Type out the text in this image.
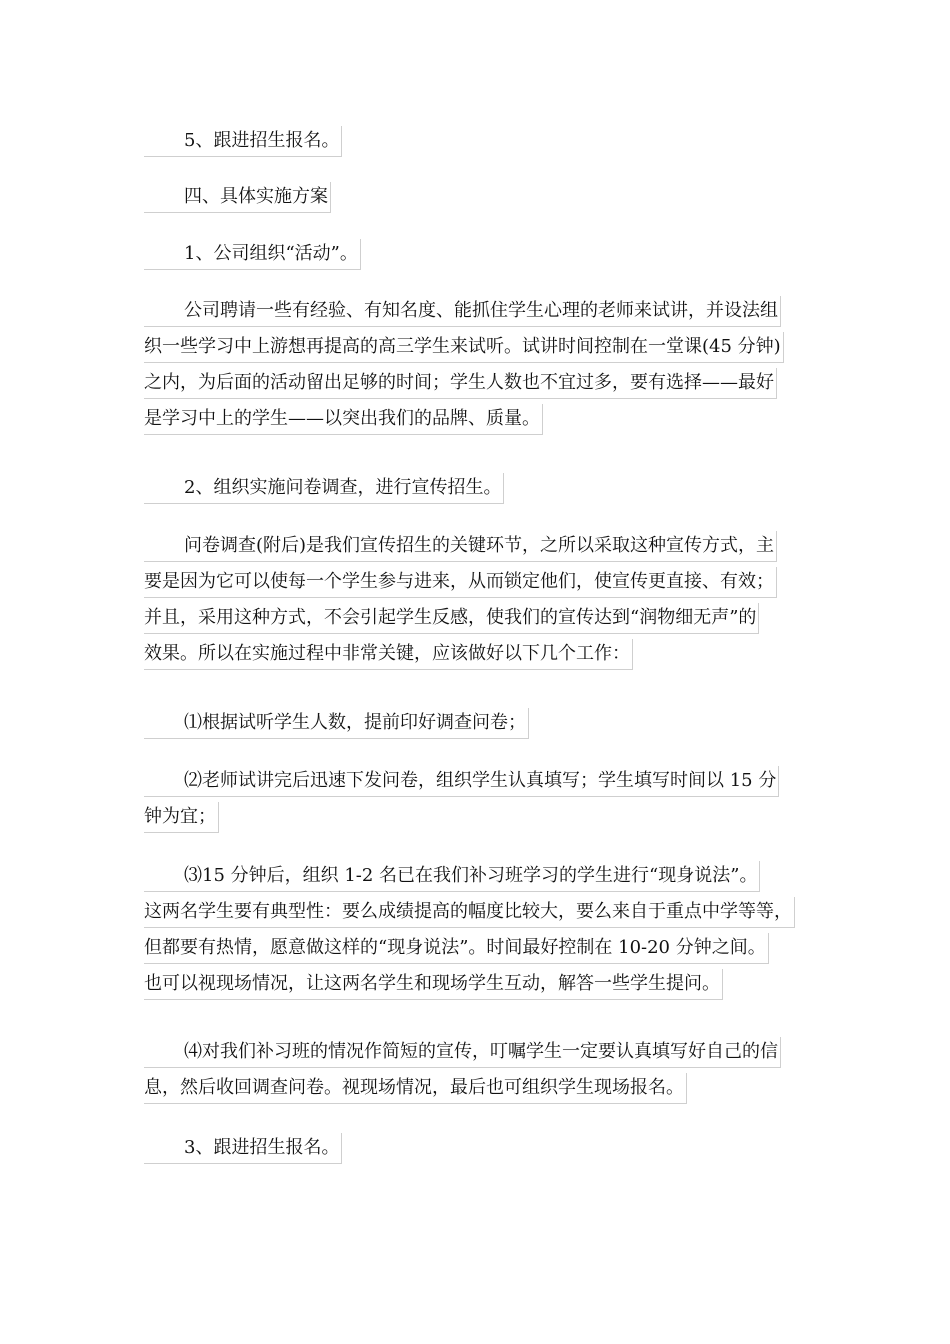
5、跟进招生报名。
四、具体实施方案
1、公司组织“活动”。
公司聘请一些有经验、有知名度、能抓住学生心理的老师来试讲，并设法组
织一些学习中上游想再提高的高三学生来试听。试讲时间控制在一堂课(45 分钟)
之内，为后面的活动留出足够的时间；学生人数也不宜过多，要有选择——最好
是学习中上的学生——以突出我们的品牌、质量。
2、组织实施问卷调查，进行宣传招生。
问卷调查(附后)是我们宣传招生的关键环节，之所以采取这种宣传方式，主
要是因为它可以使每一个学生参与进来，从而锁定他们，使宣传更直接、有效；
并且，采用这种方式，不会引起学生反感，使我们的宣传达到“润物细无声”的
效果。所以在实施过程中非常关键，应该做好以下几个工作：
⑴根据试听学生人数，提前印好调查问卷；
⑵老师试讲完后迅速下发问卷，组织学生认真填写；学生填写时间以 15 分
钟为宜；
⑶15 分钟后，组织 1-2 名已在我们补习班学习的学生进行“现身说法”。
这两名学生要有典型性：要么成绩提高的幅度比较大，要么来自于重点中学等等，
但都要有热情，愿意做这样的“现身说法”。时间最好控制在 10-20 分钟之间。
也可以视现场情况，让这两名学生和现场学生互动，解答一些学生提问。
⑷对我们补习班的情况作简短的宣传，叮嘱学生一定要认真填写好自己的信
息，然后收回调查问卷。视现场情况，最后也可组织学生现场报名。
3、跟进招生报名。
